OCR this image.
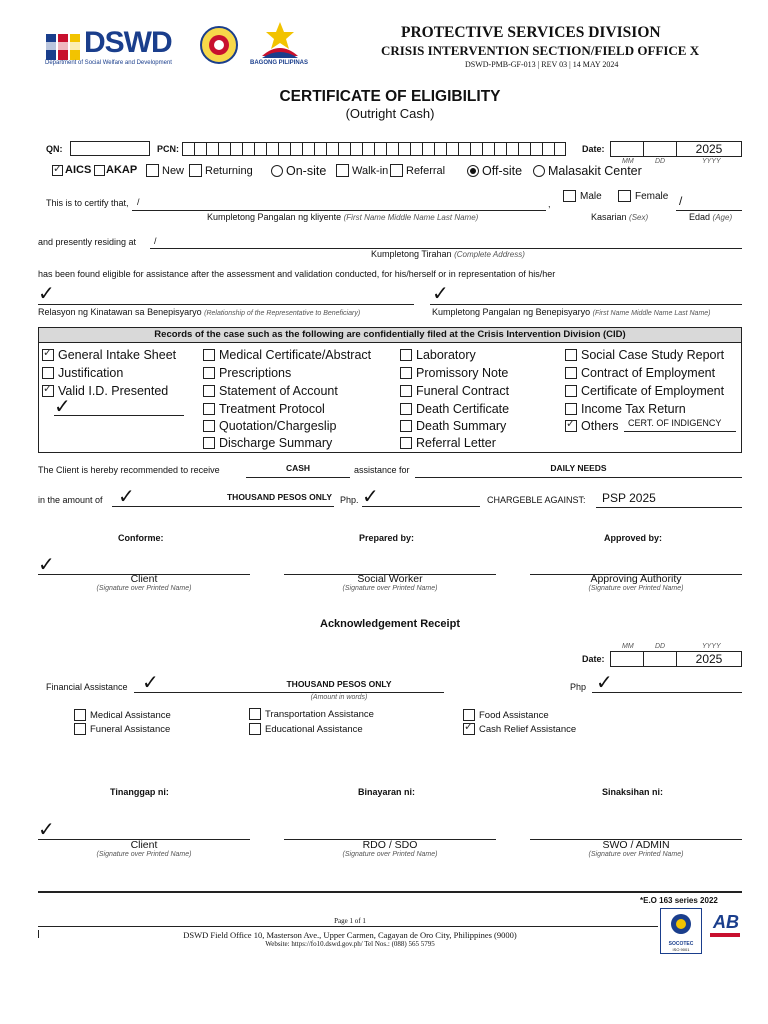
DSWD
Department of Social Welfare and Development	BAGONG PILIPINAS
PROTECTIVE SERVICES DIVISION
CRISIS INTERVENTION SECTION/FIELD OFFICE X
DSWD-PMB-GF-013 | REV 03 | 14 MAY 2024
CERTIFICATE OF ELIGIBILITY
(Outright Cash)
QN:	PCN:	Date:	2025
MM	DD	YYYY
✓
AICS AKAP New Returning	On-site Walk-in Referral	Off-site Malasakit Center
This is to certify that, /	,
Kumpletong Pangalan ng kliyente (First Name Middle Name Last Name)
Male	Female /
Kasarian (Sex)	Edad (Age)
and presently residing at /
Kumpletong Tirahan (Complete Address)
has been found eligible for assistance after the assessment and validation conducted, for his/herself or in representation of his/her
✓
Relasyon ng Kinatawan sa Benepisyaryo (Relationship of the Representative to Beneficiary)
✓
Kumpletong Pangalan ng Benepisyaryo (First Name Middle Name Last Name)
Records of the case such as the following are confidentially filed at the Crisis Intervention Division (CID)
✓
General Intake Sheet
Justification
✓
Valid I.D. Presented
Medical Certificate/Abstract
Prescriptions
Statement of Account
Treatment Protocol
Quotation/Chargeslip
Discharge Summary
Laboratory
Promissory Note
Funeral Contract
Death Certificate
Death Summary
Referral Letter
Social Case Study Report
Contract of Employment
Certificate of Employment
Income Tax Return
✓
Others
✓
CERT. OF INDIGENCY
The Client is hereby recommended to receive	CASH	assistance for	DAILY NEEDS
in the amount of ✓	THOUSAND PESOS ONLY Php. ✓	CHARGEBLE AGAINST:	PSP 2025
Conforme:	Prepared by:	Approved by:
✓
Client	Social Worker	Approving Authority
(Signature over Printed Name)	(Signature over Printed Name)	(Signature over Printed Name)
Acknowledgement Receipt
MM	DD	YYYY
Date:	2025
Financial Assistance ✓	THOUSAND PESOS ONLY
(Amount in words)
Php ✓
Medical Assistance
Funeral Assistance
Transportation Assistance
Educational Assistance
Food Assistance
✓
Cash Relief Assistance
Tinanggap ni:	Binayaran ni:	Sinaksihan ni:
✓
Client	RDO / SDO	SWO / ADMIN
(Signature over Printed Name)	(Signature over Printed Name)	(Signature over Printed Name)
*E.O 163 series 2022
Page 1 of 1
DSWD Field Office 10, Masterson Ave., Upper Carmen, Cagayan de Oro City, Philippines (9000)
Website: https://fo10.dswd.gov.ph/ Tel Nos.: (088) 565 5795	SOCOTEC
ISO 9001
AB
